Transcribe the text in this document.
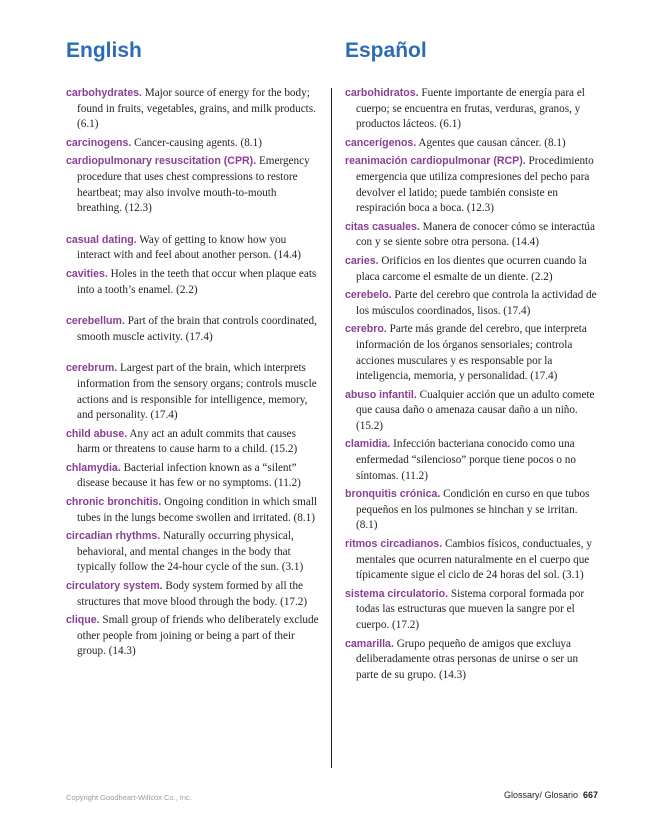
English

carbohydrates. Major source of energy for the body; found in fruits, vegetables, grains, and milk products. (6.1)

carcinogens. Cancer-causing agents. (8.1)

cardiopulmonary resuscitation (CPR). Emergency procedure that uses chest compressions to restore heartbeat; may also involve mouth-to-mouth breathing. (12.3)

casual dating. Way of getting to know how you interact with and feel about another person. (14.4)

cavities. Holes in the teeth that occur when plaque eats into a tooth’s enamel. (2.2)

cerebellum. Part of the brain that controls coordinated, smooth muscle activity. (17.4)

cerebrum. Largest part of the brain, which interprets information from the sensory organs; controls muscle actions and is responsible for intelligence, memory, and personality. (17.4)

child abuse. Any act an adult commits that causes harm or threatens to cause harm to a child. (15.2)

chlamydia. Bacterial infection known as a “silent” disease because it has few or no symptoms. (11.2)

chronic bronchitis. Ongoing condition in which small tubes in the lungs become swollen and irritated. (8.1)

circadian rhythms. Naturally occurring physical, behavioral, and mental changes in the body that typically follow the 24-hour cycle of the sun. (3.1)

circulatory system. Body system formed by all the structures that move blood through the body. (17.2)

clique. Small group of friends who deliberately exclude other people from joining or being a part of their group. (14.3)

Español

carbohidratos. Fuente importante de energía para el cuerpo; se encuentra en frutas, verduras, granos, y productos lácteos. (6.1)

cancerígenos. Agentes que causan cáncer. (8.1)

reanimación cardiopulmonar (RCP). Procedimiento emergencia que utiliza compresiones del pecho para devolver el latido; puede también consiste en respiración boca a boca. (12.3)

citas casuales. Manera de conocer cómo se interactúa con y se siente sobre otra persona. (14.4)

caries. Orificios en los dientes que ocurren cuando la placa carcome el esmalte de un diente. (2.2)

cerebelo. Parte del cerebro que controla la actividad de los músculos coordinados, lisos. (17.4)

cerebro. Parte más grande del cerebro, que interpreta información de los órganos sensoriales; controla acciones musculares y es responsable por la inteligencia, memoria, y personalidad. (17.4)

abuso infantil. Cualquier acción que un adulto comete que causa daño o amenaza causar daño a un niño. (15.2)

clamidia. Infección bacteriana conocido como una enfermedad “silencioso” porque tiene pocos o no síntomas. (11.2)

bronquitis crónica. Condición en curso en que tubos pequeños en los pulmones se hinchan y se irritan. (8.1)

ritmos circadianos. Cambios físicos, conductuales, y mentales que ocurren naturalmente en el cuerpo que típicamente sigue el ciclo de 24 horas del sol. (3.1)

sistema circulatorio. Sistema corporal formada por todas las estructuras que mueven la sangre por el cuerpo. (17.2)

camarilla. Grupo pequeño de amigos que excluya deliberadamente otras personas de unirse o ser un parte de su grupo. (14.3)

Copyright Goodheart-Willcox Co., Inc.	Glossary/ Glosario 667
